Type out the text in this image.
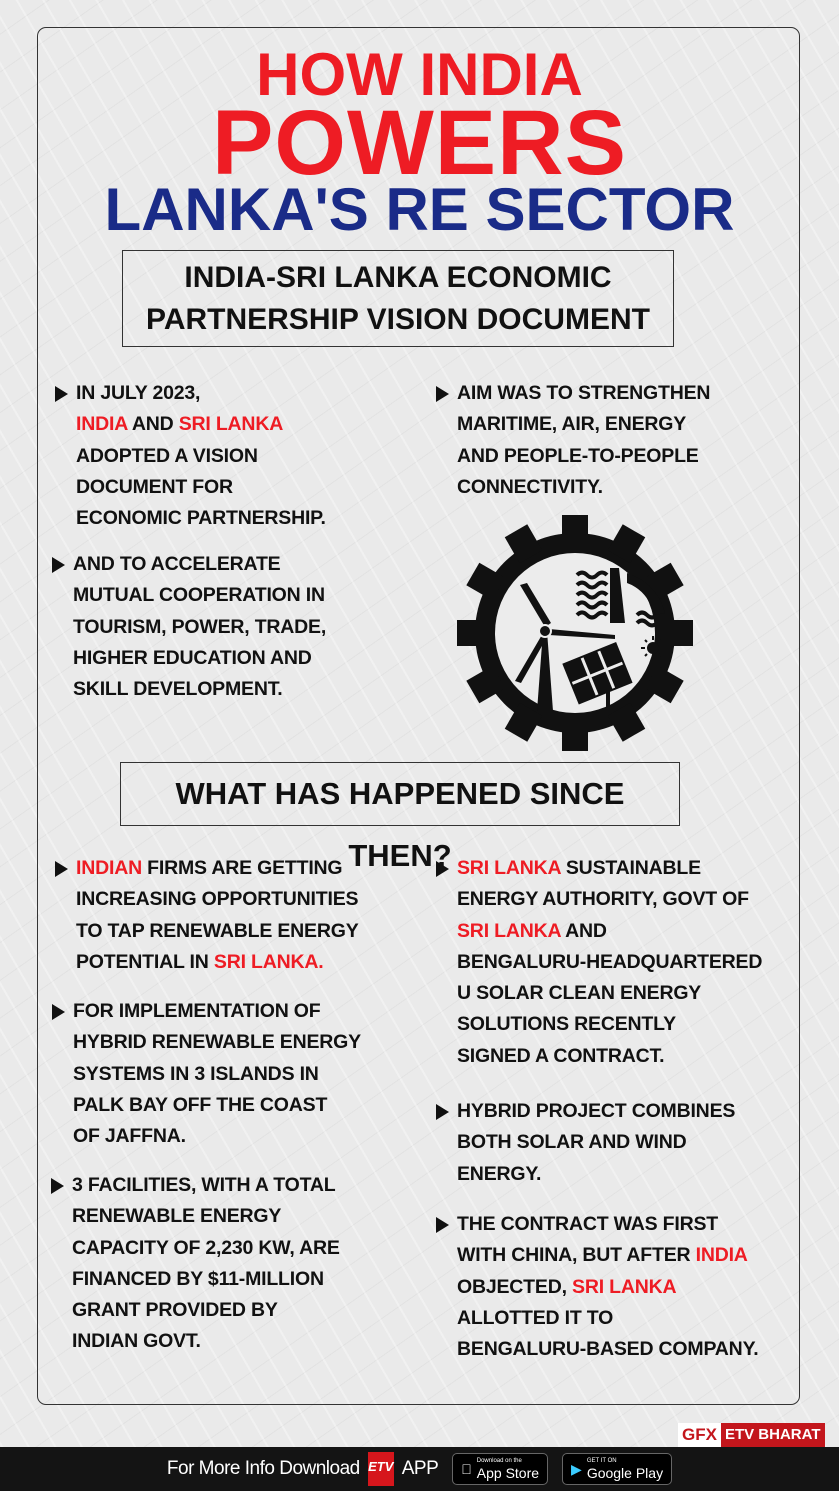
HOW INDIA
POWERS
LANKA'S RE SECTOR
INDIA-SRI LANKA ECONOMIC
PARTNERSHIP VISION DOCUMENT
IN JULY 2023,
INDIA AND SRI LANKA
ADOPTED A VISION
DOCUMENT FOR
ECONOMIC PARTNERSHIP.
AND TO ACCELERATE
MUTUAL COOPERATION IN
TOURISM, POWER, TRADE,
HIGHER EDUCATION AND
SKILL DEVELOPMENT.
AIM WAS TO STRENGTHEN
MARITIME, AIR, ENERGY
AND PEOPLE-TO-PEOPLE
CONNECTIVITY.
INDIAN FIRMS ARE GETTING
INCREASING OPPORTUNITIES
TO TAP RENEWABLE ENERGY
POTENTIAL IN SRI LANKA.
FOR IMPLEMENTATION OF
HYBRID RENEWABLE ENERGY
SYSTEMS IN 3 ISLANDS IN
PALK BAY OFF THE COAST
OF JAFFNA.
3 FACILITIES, WITH A TOTAL
RENEWABLE ENERGY
CAPACITY OF 2,230 KW, ARE
FINANCED BY $11-MILLION
GRANT PROVIDED BY
INDIAN GOVT.
SRI LANKA SUSTAINABLE
ENERGY AUTHORITY, GOVT OF
SRI LANKA AND
BENGALURU-HEADQUARTERED
U SOLAR CLEAN ENERGY
SOLUTIONS RECENTLY
SIGNED A CONTRACT.
HYBRID PROJECT COMBINES
BOTH SOLAR AND WIND
ENERGY.
THE CONTRACT WAS FIRST
WITH CHINA, BUT AFTER INDIA
OBJECTED, SRI LANKA
ALLOTTED IT TO
BENGALURU-BASED COMPANY.
WHAT HAS HAPPENED SINCE THEN?
GFX ETV BHARAT
For More Info Download ETV APP	Download on the
App Store ▶ GET IT ON
Google Play
